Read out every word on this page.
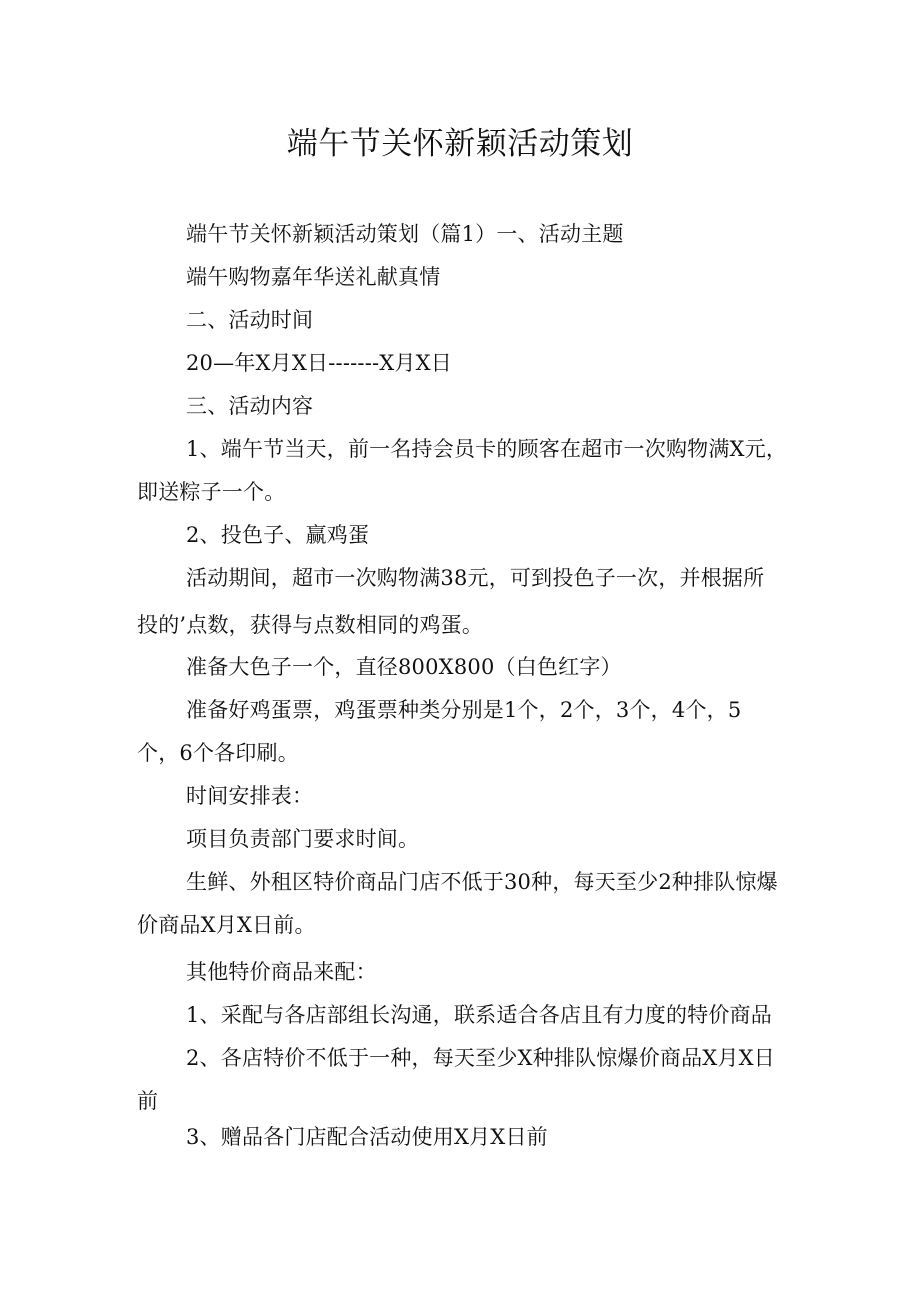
端午节关怀新颖活动策划
端午节关怀新颖活动策划（篇1）一、活动主题
端午购物嘉年华送礼献真情
二、活动时间
20—年X月X日-------X月X日
三、活动内容
1、端午节当天，前一名持会员卡的顾客在超市一次购物满X元，
即送粽子一个。
2、投色子、赢鸡蛋
活动期间，超市一次购物满38元，可到投色子一次，并根据所
投的’点数，获得与点数相同的鸡蛋。
准备大色子一个，直径800X800（白色红字）
准备好鸡蛋票，鸡蛋票种类分别是1个，2个，3个，4个，5
个，6个各印刷。
时间安排表：
项目负责部门要求时间。
生鲜、外租区特价商品门店不低于30种，每天至少2种排队惊爆
价商品X月X日前。
其他特价商品来配：
1、采配与各店部组长沟通，联系适合各店且有力度的特价商品
2、各店特价不低于一种，每天至少X种排队惊爆价商品X月X日
前
3、赠品各门店配合活动使用X月X日前
